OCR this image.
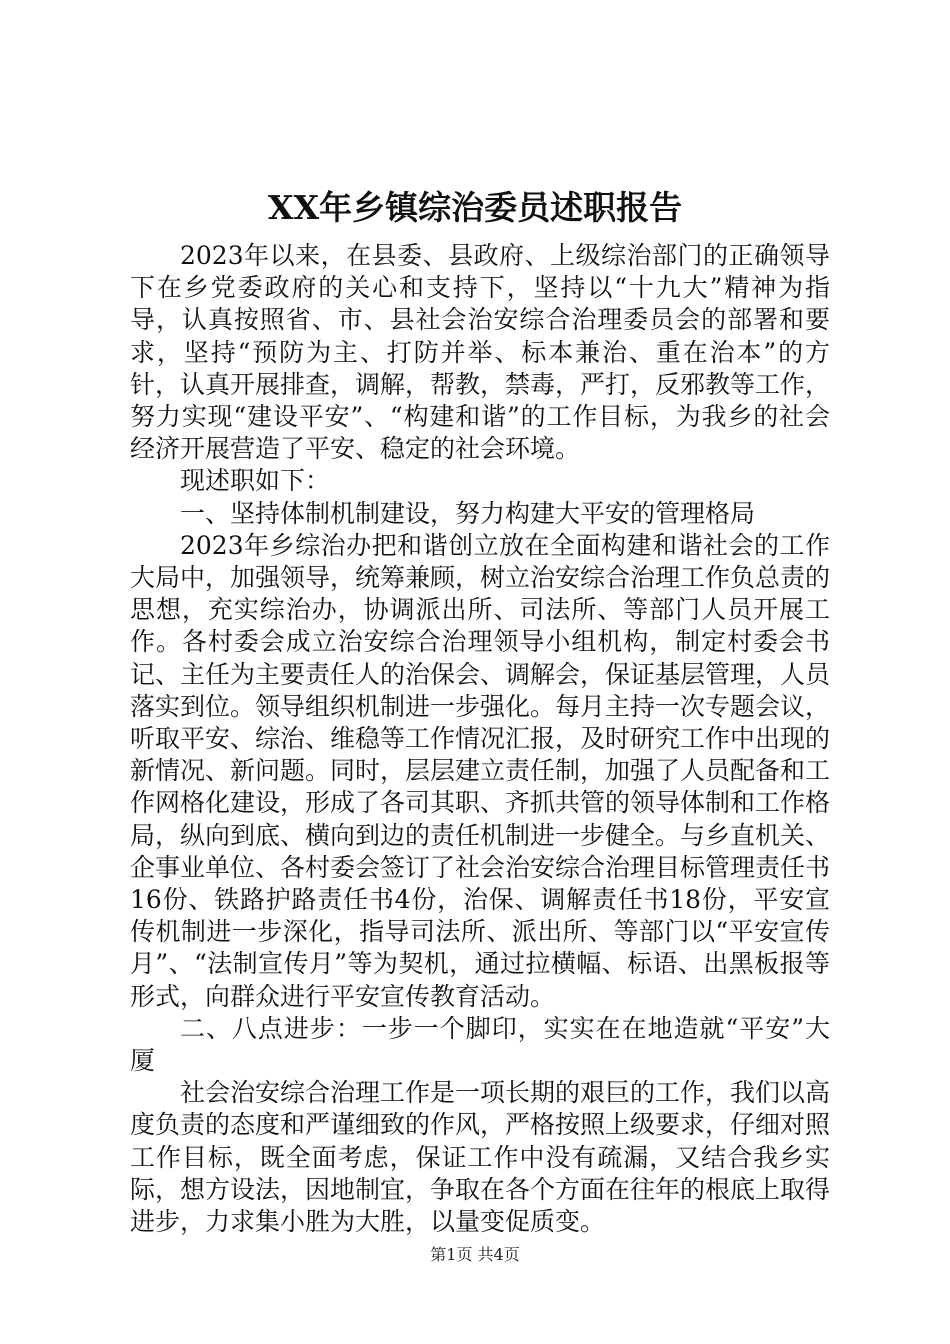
XX年乡镇综治委员述职报告

2023年以来，在县委、县政府、上级综治部门的正确领导下在乡党委政府的关心和支持下，坚持以“十九大”精神为指导，认真按照省、市、县社会治安综合治理委员会的部署和要求，坚持“预防为主、打防并举、标本兼治、重在治本”的方针，认真开展排查，调解，帮教，禁毒，严打，反邪教等工作，努力实现“建设平安”、“构建和谐”的工作目标，为我乡的社会经济开展营造了平安、稳定的社会环境。

现述职如下：

一、坚持体制机制建设，努力构建大平安的管理格局

2023年乡综治办把和谐创立放在全面构建和谐社会的工作大局中，加强领导，统筹兼顾，树立治安综合治理工作负总责的思想，充实综治办，协调派出所、司法所、等部门人员开展工作。各村委会成立治安综合治理领导小组机构，制定村委会书记、主任为主要责任人的治保会、调解会，保证基层管理，人员落实到位。领导组织机制进一步强化。每月主持一次专题会议，听取平安、综治、维稳等工作情况汇报，及时研究工作中出现的新情况、新问题。同时，层层建立责任制，加强了人员配备和工作网格化建设，形成了各司其职、齐抓共管的领导体制和工作格局，纵向到底、横向到边的责任机制进一步健全。与乡直机关、企事业单位、各村委会签订了社会治安综合治理目标管理责任书16份、铁路护路责任书4份，治保、调解责任书18份，平安宣传机制进一步深化，指导司法所、派出所、等部门以“平安宣传月”、“法制宣传月”等为契机，通过拉横幅、标语、出黑板报等形式，向群众进行平安宣传教育活动。

二、八点进步：一步一个脚印，实实在在地造就“平安”大厦

社会治安综合治理工作是一项长期的艰巨的工作，我们以高度负责的态度和严谨细致的作风，严格按照上级要求，仔细对照工作目标，既全面考虑，保证工作中没有疏漏，又结合我乡实际，想方设法，因地制宜，争取在各个方面在往年的根底上取得进步，力求集小胜为大胜，以量变促质变。

第1页 共4页
